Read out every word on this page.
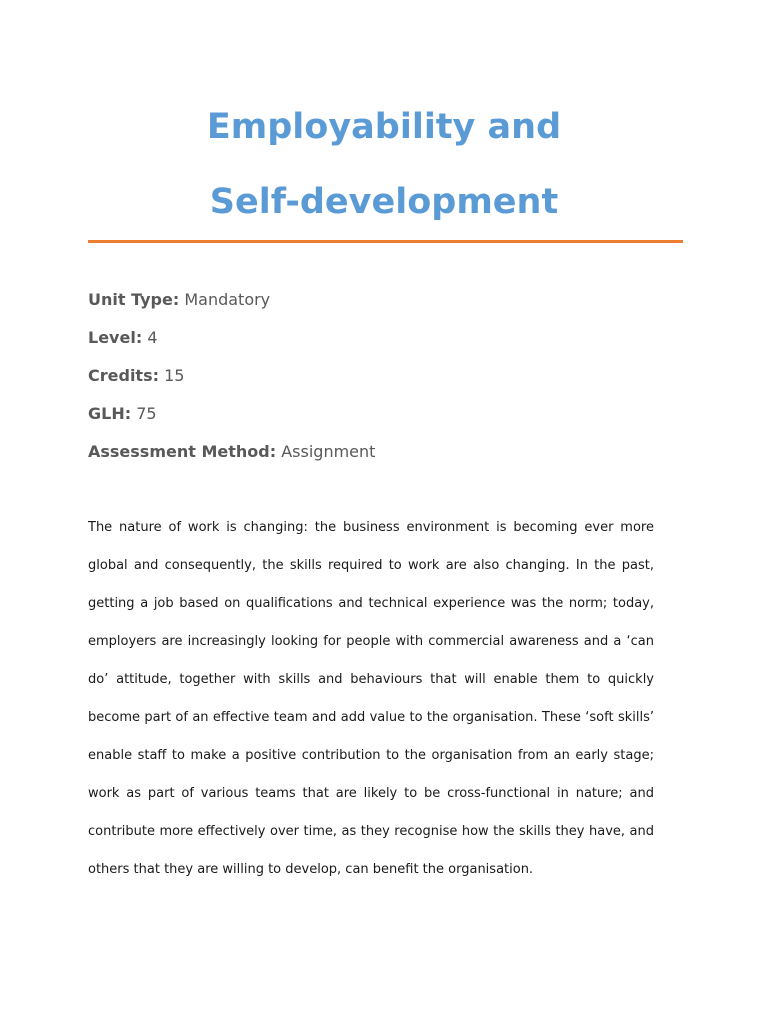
Employability and
Self-development
Unit Type: Mandatory
Level: 4
Credits: 15
GLH: 75
Assessment Method: Assignment

The nature of work is changing: the business environment is becoming ever more global and consequently, the skills required to work are also changing. In the past, getting a job based on qualifications and technical experience was the norm; today, employers are increasingly looking for people with commercial awareness and a ‘can do’ attitude, together with skills and behaviours that will enable them to quickly become part of an effective team and add value to the organisation. These ‘soft skills’ enable staff to make a positive contribution to the organisation from an early stage; work as part of various teams that are likely to be cross-functional in nature; and contribute more effectively over time, as they recognise how the skills they have, and others that they are willing to develop, can benefit the organisation.
